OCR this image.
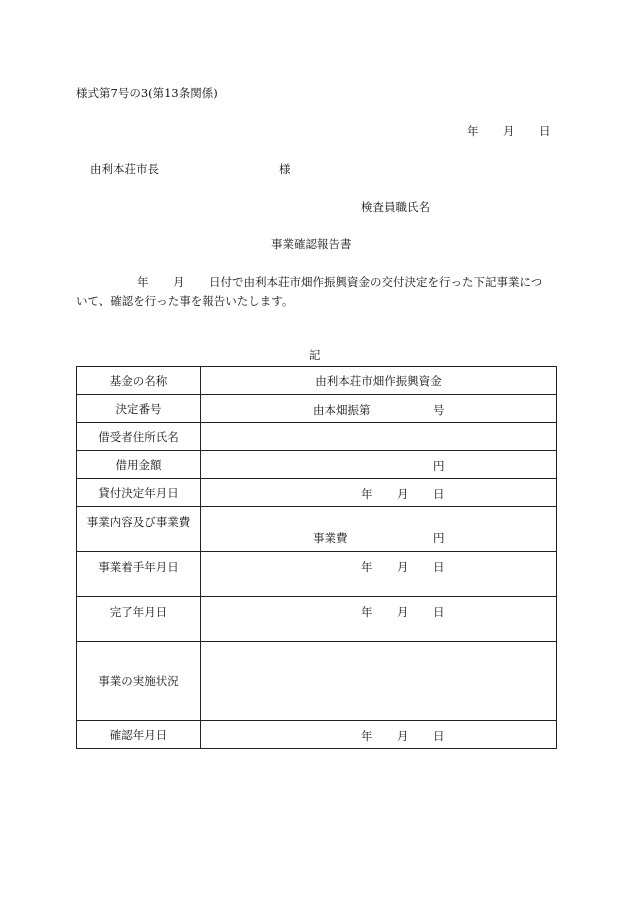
様式第7号の3(第13条関係)
年 月 日
由利本荘市長	様
検査員職氏名
事業確認報告書
年 月 日付で由利本荘市畑作振興資金の交付決定を行った下記事業につ
いて、確認を行った事を報告いたします。
記
基金の名称	由利本荘市畑作振興資金
決定番号	由本畑振第 号

借受者住所氏名	
借用金額	円

貸付決定年月日	年 月 日

事業内容及び事業費	事業費 円

事業着手年月日	年 月 日

完了年月日	年 月 日

事業の実施状況	
確認年月日	年 月 日
